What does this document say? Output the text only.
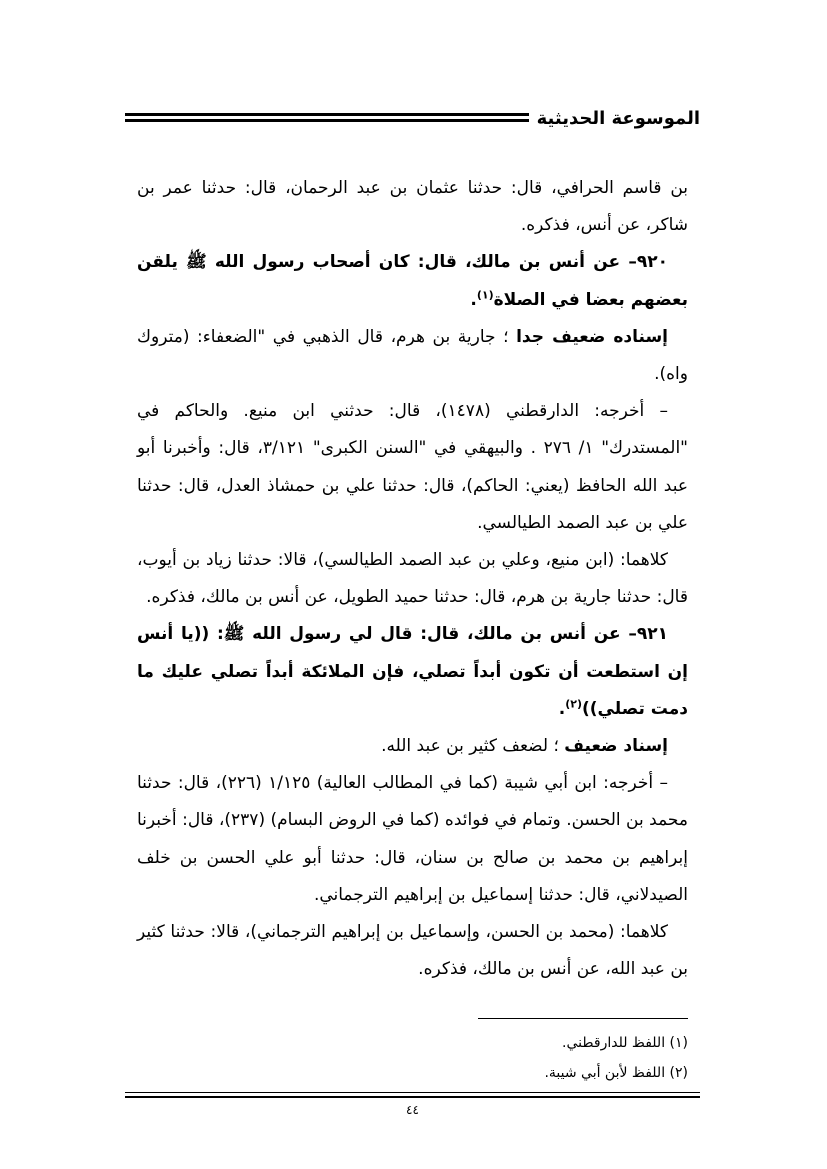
الموسوعة الحديثية

بن قاسم الحرافي، قال: حدثنا عثمان بن عبد الرحمان، قال: حدثنا عمر بن شاكر، عن أنس، فذكره.

٩٢٠– عن أنس بن مالك، قال: كان أصحاب رسول الله ﷺ يلقن بعضهم بعضا في الصلاة$^{(١)}$.

إسناده ضعيف جدا ؛ جارية بن هرم، قال الذهبي في "الضعفاء: (متروك واه).

– أخرجه: الدارقطني (١٤٧٨)، قال: حدثني ابن منيع. والحاكم في "المستدرك" ١/ ٢٧٦ . والبيهقي في "السنن الكبرى" ٣/١٢١، قال: وأخبرنا أبو عبد الله الحافظ (يعني: الحاكم)، قال: حدثنا علي بن حمشاذ العدل، قال: حدثنا علي بن عبد الصمد الطيالسي.

كلاهما: (ابن منيع، وعلي بن عبد الصمد الطيالسي)، قالا: حدثنا زياد بن أيوب، قال: حدثنا جارية بن هرم، قال: حدثنا حميد الطويل، عن أنس بن مالك، فذكره.

٩٢١– عن أنس بن مالك، قال: قال لي رسول الله ﷺ: ((يا أنس إن استطعت أن تكون أبداً تصلي، فإن الملائكة أبداً تصلي عليك ما دمت تصلي))$^{(٢)}$.

إسناد ضعيف ؛ لضعف كثير بن عبد الله.

– أخرجه: ابن أبي شيبة (كما في المطالب العالية) ١/١٢٥ (٢٢٦)، قال: حدثنا محمد بن الحسن. وتمام في فوائده (كما في الروض البسام) (٢٣٧)، قال: أخبرنا إبراهيم بن محمد بن صالح بن سنان، قال: حدثنا أبو علي الحسن بن خلف الصيدلاني، قال: حدثنا إسماعيل بن إبراهيم الترجماني.

كلاهما: (محمد بن الحسن، وإسماعيل بن إبراهيم الترجماني)، قالا: حدثنا كثير بن عبد الله، عن أنس بن مالك، فذكره.

(١) اللفظ للدارقطني.

(٢) اللفظ لأبن أبي شيبة.

٤٤
